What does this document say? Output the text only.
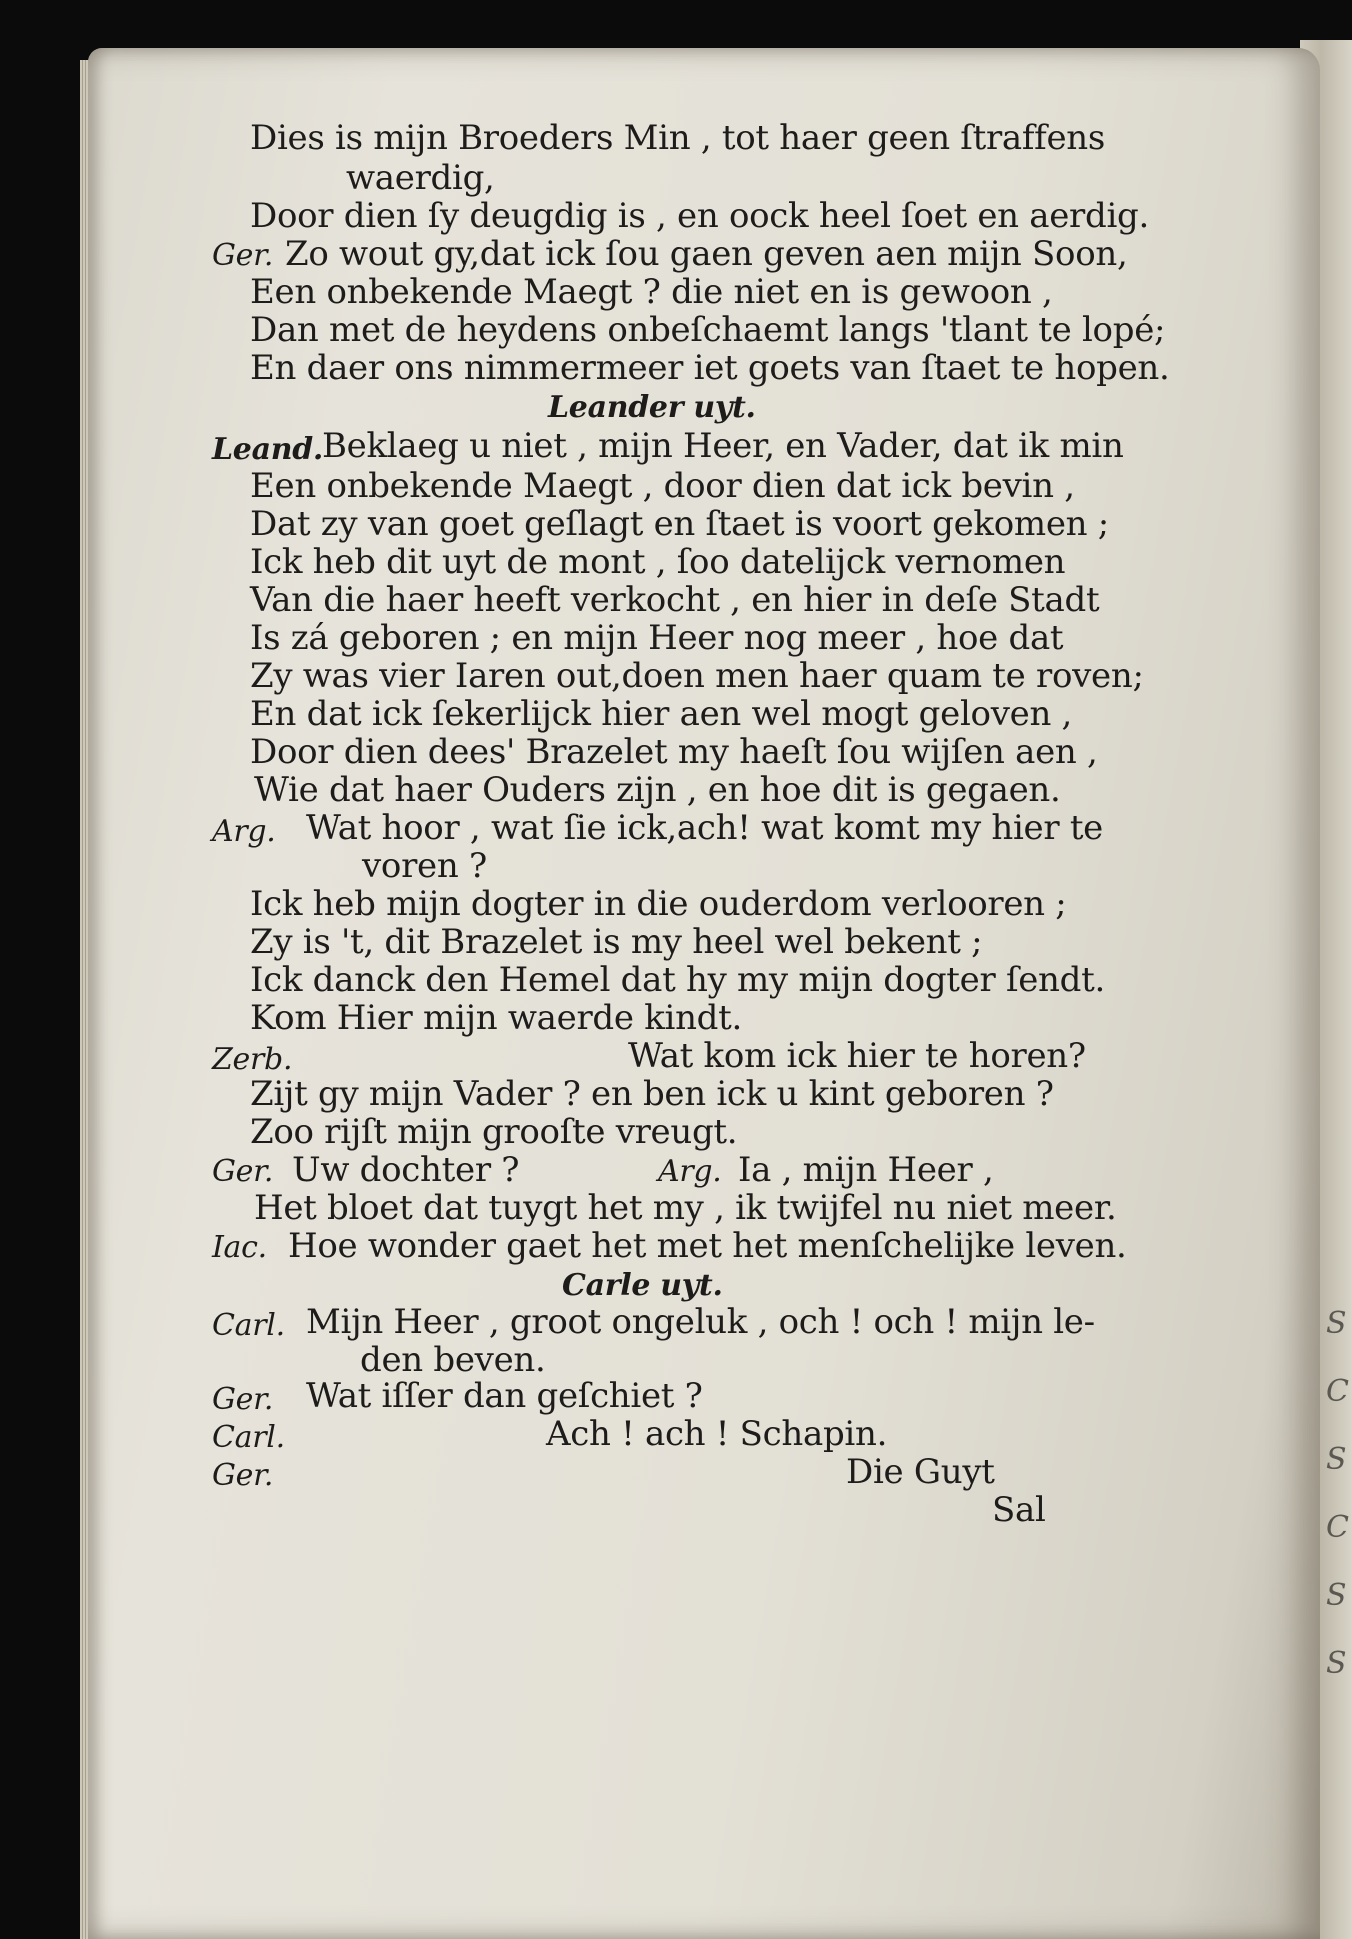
Dies is mijn Broeders Min , tot haer geen ſtraffens
waerdig,
Door dien ſy deugdig is , en oock heel ſoet en aerdig.
Ger. Zo wout gy,dat ick ſou gaen geven aen mijn Soon,
Een onbekende Maegt ? die niet en is gewoon ,
Dan met de heydens onbeſchaemt langs 'tlant te lopé;
En daer ons nimmermeer iet goets van ſtaet te hopen.
Leander uyt.
Leand.
Beklaeg u niet , mijn Heer, en Vader, dat ik min
Een onbekende Maegt , door dien dat ick bevin ,
Dat zy van goet geſlagt en ſtaet is voort gekomen ;
Ick heb dit uyt de mont , ſoo datelijck vernomen
Van die haer heeft verkocht , en hier in deſe Stadt
Is zá geboren ; en mijn Heer nog meer , hoe dat
Zy was vier Iaren out,doen men haer quam te roven;
En dat ick ſekerlijck hier aen wel mogt geloven ,
Door dien dees' Brazelet my haeſt ſou wijſen aen ,
Wie dat haer Ouders zijn , en hoe dit is gegaen.
Arg. Wat hoor , wat ſie ick,ach! wat komt my hier te
voren ?
Ick heb mijn dogter in die ouderdom verlooren ;
Zy is 't, dit Brazelet is my heel wel bekent ;
Ick danck den Hemel dat hy my mijn dogter ſendt.
Kom Hier mijn waerde kindt.
Zerb.	Wat kom ick hier te horen?
Zijt gy mijn Vader ? en ben ick u kint geboren ?
Zoo rijſt mijn grooſte vreugt.
Ger. Uw dochter ?	Arg. Ia , mijn Heer ,
Het bloet dat tuygt het my , ik twijfel nu niet meer.
Iac. Hoe wonder gaet het met het menſchelijke leven.
Carle uyt.
Carl. Mijn Heer , groot ongeluk , och ! och ! mijn le-
den beven.
Ger. Wat iſſer dan geſchiet ?
Carl.	Ach ! ach ! Schapin.
Ger.	Die Guyt
Sal
S
C
S
C
S
S
